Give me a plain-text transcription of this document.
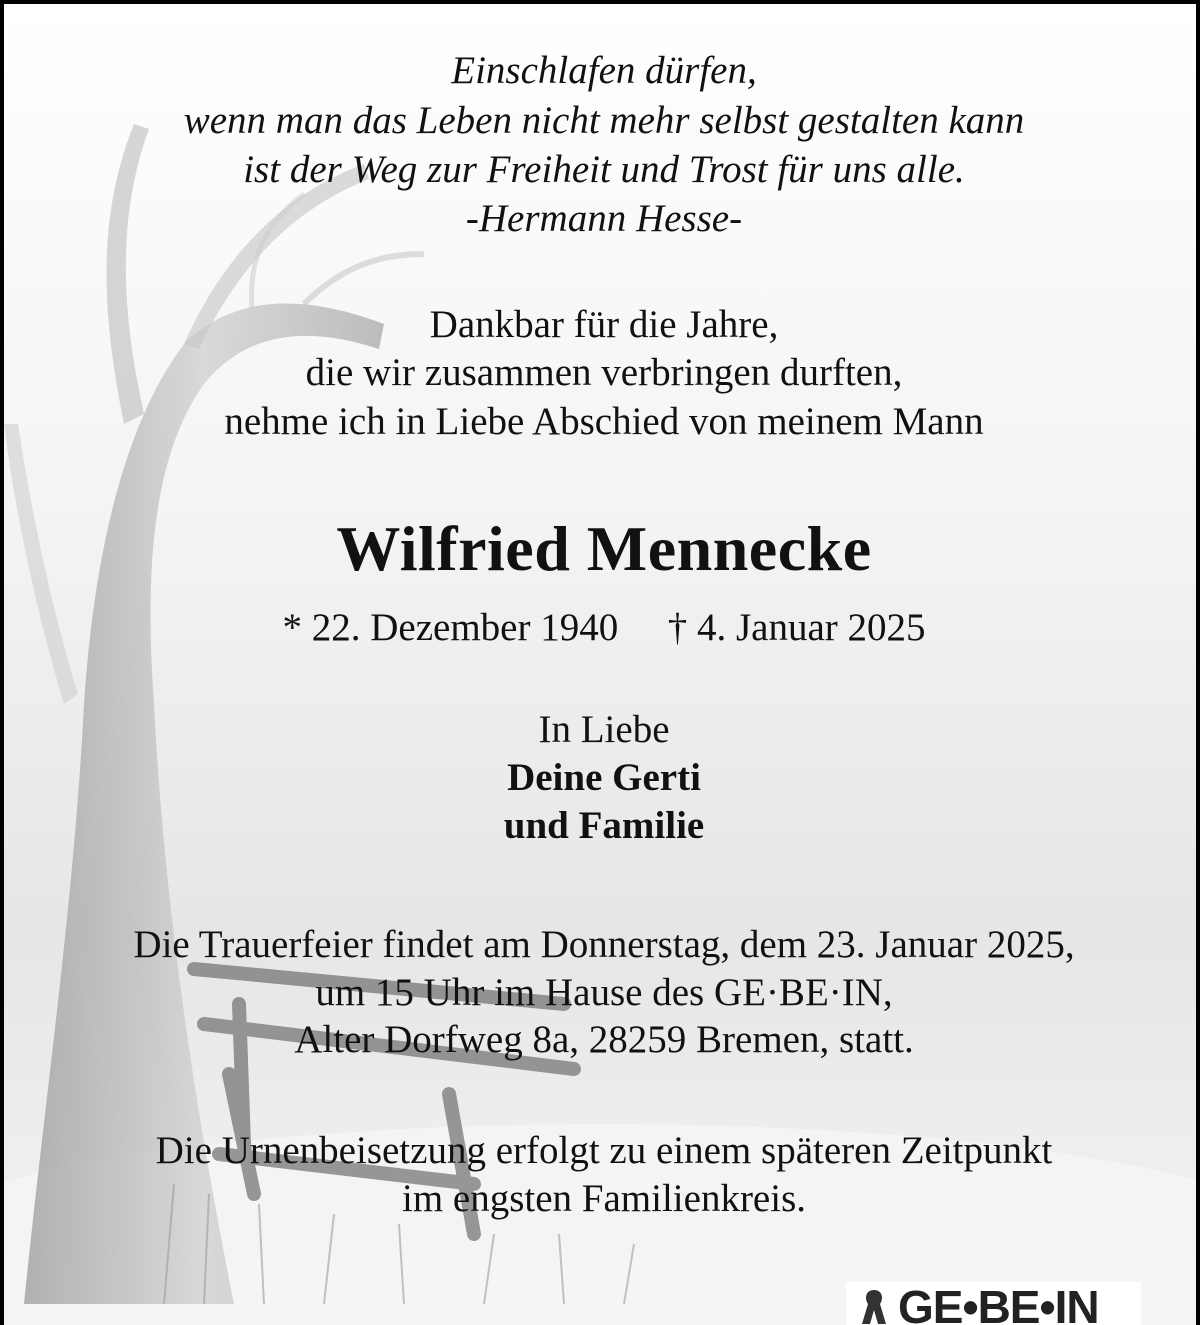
Einschlafen dürfen,
wenn man das Leben nicht mehr selbst gestalten kann
ist der Weg zur Freiheit und Trost für uns alle.
-Hermann Hesse-
Dankbar für die Jahre,
die wir zusammen verbringen durften,
nehme ich in Liebe Abschied von meinem Mann
Wilfried Mennecke
* 22. Dezember 1940 † 4. Januar 2025
In Liebe
Deine Gerti
und Familie
Die Trauerfeier findet am Donnerstag, dem 23. Januar 2025,
um 15 Uhr im Hause des GE·BE·IN,
Alter Dorfweg 8a, 28259 Bremen, statt.
Die Urnenbeisetzung erfolgt zu einem späteren Zeitpunkt
im engsten Familienkreis.
GE•BE•IN
